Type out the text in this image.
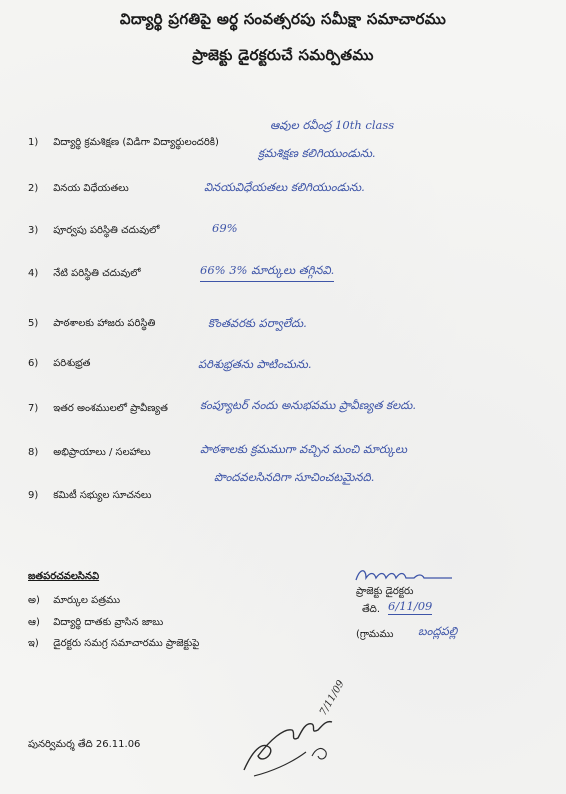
విద్యార్థి ప్రగతిపై అర్థ సంవత్సరపు సమీక్షా సమాచారము
ప్రాజెక్టు డైరక్టరుచే సమర్పితము
1) విద్యార్థి క్రమశిక్షణ (విడిగా విద్యార్థులందరికి)
ఆవుల రవీంద్ర 10th class
క్రమశిక్షణ కలిగియుండును.
2) వినయ విధేయతలు	వినయవిధేయతలు కలిగియుండును.
3) పూర్వపు పరిస్థితి చదువులో	69%
4) నేటి పరిస్థితి చదువులో	66% 3% మార్కులు తగ్గినవి.
5) పాఠశాలకు హాజరు పరిస్థితి	కొంతవరకు పర్వాలేదు.
6) పరిశుభ్రత	పరిశుభ్రతను పాటించును.
7) ఇతర అంశములలో ప్రావీణ్యత	కంప్యూటర్ నందు అనుభవము ప్రావీణ్యత కలదు.
8) అభిప్రాయాలు / సలహాలు	పాఠశాలకు క్రమముగా వచ్చిన మంచి మార్కులు
పొందవలసినదిగా సూచించటమైనది.
9) కమిటీ సభ్యుల సూచనలు
జతపరచవలసినవి
అ) మార్కుల పత్రము
ఆ) విద్యార్థి దాతకు వ్రాసిన జాబు
ఇ) డైరక్టరు సమగ్ర సమాచారము ప్రాజెక్టుపై
ప్రాజెక్టు డైరక్టరు
తేది. 6/11/09
(గ్రామము బంద్లపల్లి
పునర్విమర్శ తేది 26.11.06
7/11/09
